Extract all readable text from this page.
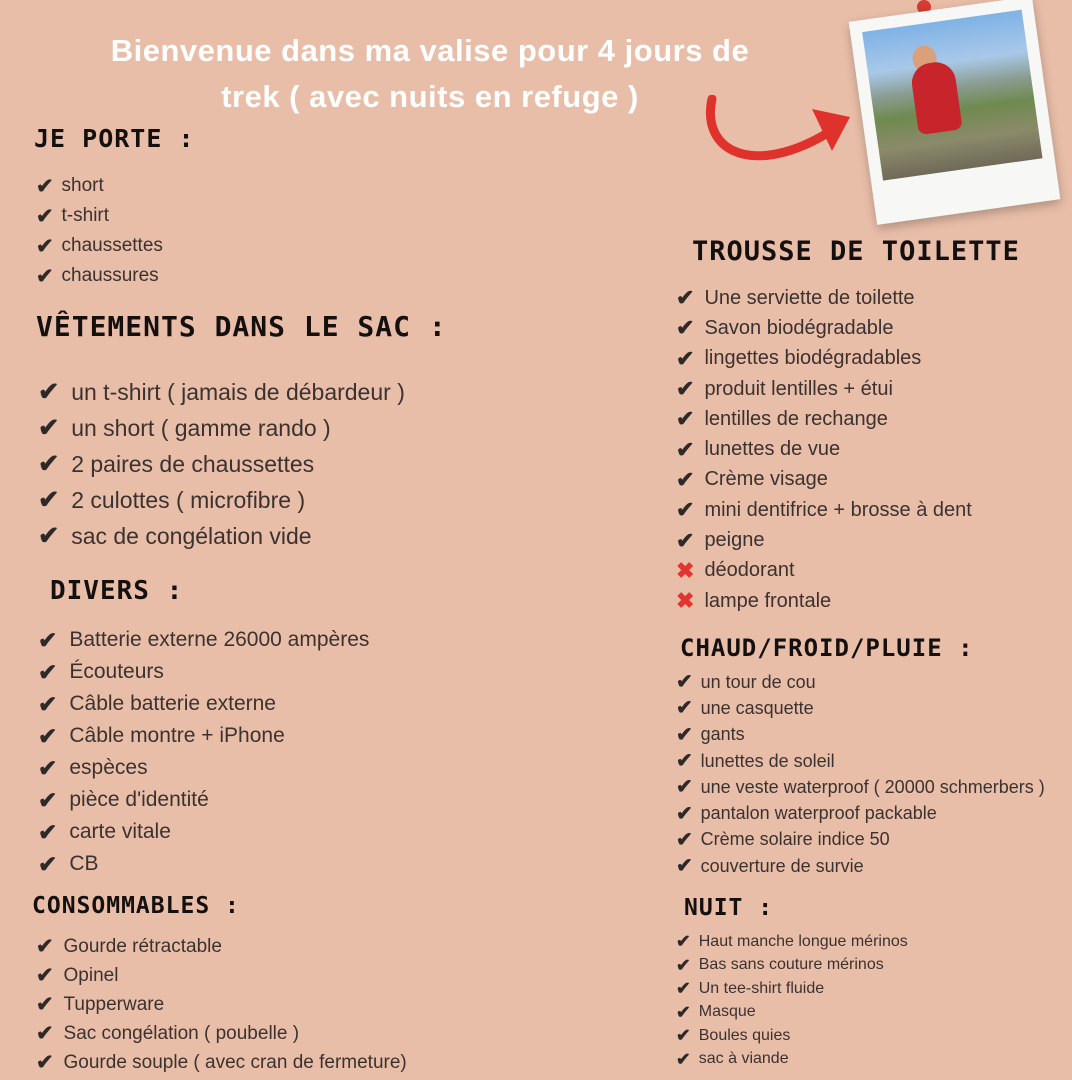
Bienvenue dans ma valise pour 4 jours de
trek ( avec nuits en refuge )
JE PORTE :
✔ short
✔ t-shirt
✔ chaussettes
✔ chaussures
VÊTEMENTS DANS LE SAC :
✔ un t-shirt ( jamais de débardeur )
✔ un short ( gamme rando )
✔ 2 paires de chaussettes
✔ 2 culottes ( microfibre )
✔ sac de congélation vide
DIVERS :
✔ Batterie externe 26000 ampères
✔ Écouteurs
✔ Câble batterie externe
✔ Câble montre + iPhone
✔ espèces
✔ pièce d'identité
✔ carte vitale
✔ CB
CONSOMMABLES :
✔ Gourde rétractable
✔ Opinel
✔ Tupperware
✔ Sac congélation ( poubelle )
✔ Gourde souple ( avec cran de fermeture)
TROUSSE DE TOILETTE
✔ Une serviette de toilette
✔ Savon biodégradable
✔ lingettes biodégradables
✔ produit lentilles + étui
✔ lentilles de rechange
✔ lunettes de vue
✔ Crème visage
✔ mini dentifrice + brosse à dent
✔ peigne
✖ déodorant
✖ lampe frontale
CHAUD/FROID/PLUIE :
✔ un tour de cou
✔ une casquette
✔ gants
✔ lunettes de soleil
✔ une veste waterproof ( 20000 schmerbers )
✔ pantalon waterproof packable
✔ Crème solaire indice 50
✔ couverture de survie
NUIT :
✔ Haut manche longue mérinos
✔ Bas sans couture mérinos
✔ Un tee-shirt fluide
✔ Masque
✔ Boules quies
✔ sac à viande
